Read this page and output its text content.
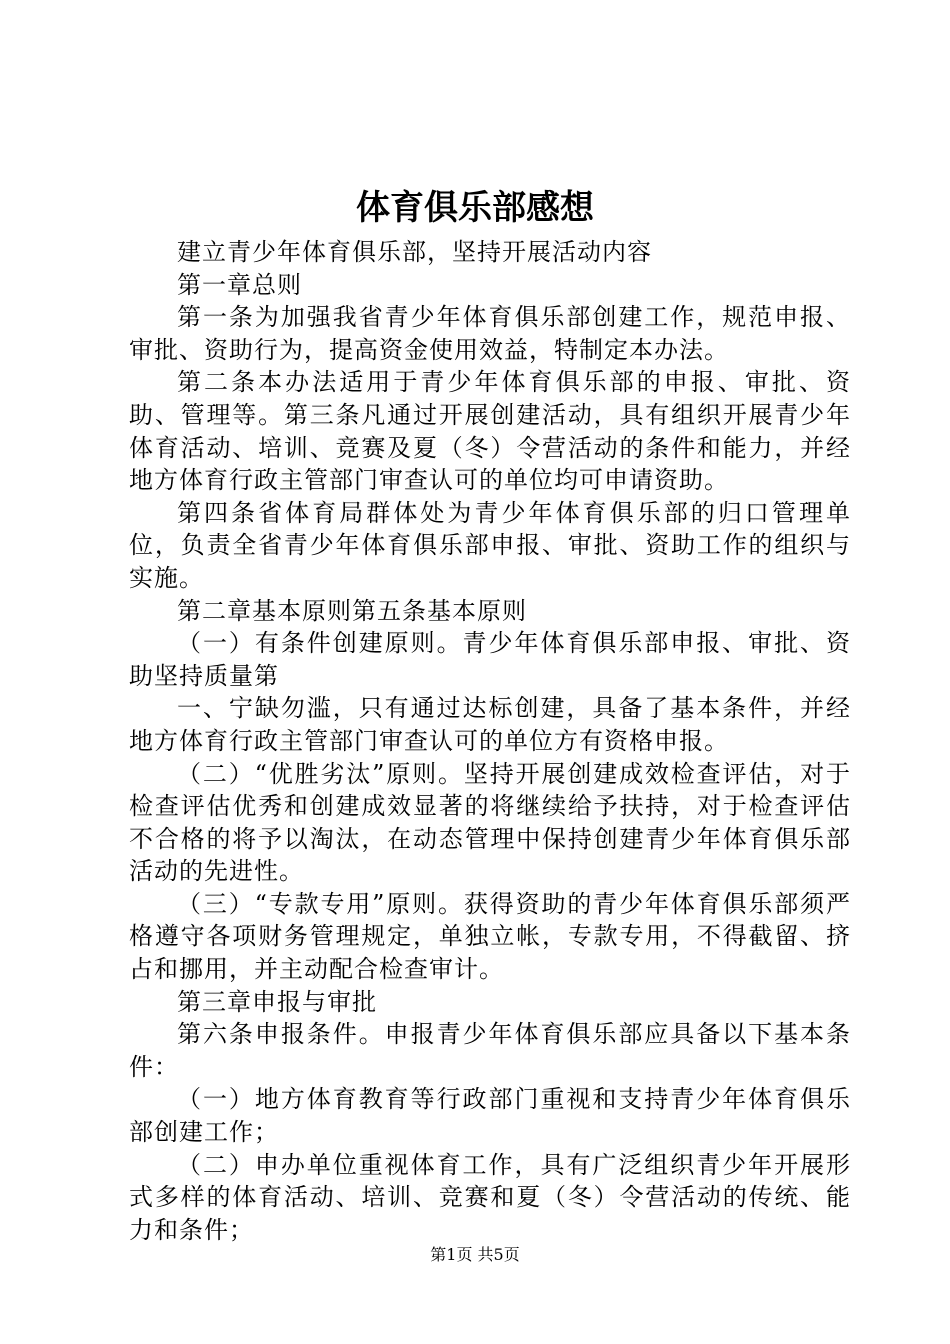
体育俱乐部感想

建立青少年体育俱乐部，坚持开展活动内容

第一章总则

第一条为加强我省青少年体育俱乐部创建工作，规范申报、审批、资助行为，提高资金使用效益，特制定本办法。

第二条本办法适用于青少年体育俱乐部的申报、审批、资助、管理等。第三条凡通过开展创建活动，具有组织开展青少年体育活动、培训、竞赛及夏（冬）令营活动的条件和能力，并经地方体育行政主管部门审查认可的单位均可申请资助。

第四条省体育局群体处为青少年体育俱乐部的归口管理单位，负责全省青少年体育俱乐部申报、审批、资助工作的组织与实施。

第二章基本原则第五条基本原则

（一）有条件创建原则。青少年体育俱乐部申报、审批、资助坚持质量第

一、宁缺勿滥，只有通过达标创建，具备了基本条件，并经地方体育行政主管部门审查认可的单位方有资格申报。

（二）“优胜劣汰”原则。坚持开展创建成效检查评估，对于检查评估优秀和创建成效显著的将继续给予扶持，对于检查评估不合格的将予以淘汰，在动态管理中保持创建青少年体育俱乐部活动的先进性。

（三）“专款专用”原则。获得资助的青少年体育俱乐部须严格遵守各项财务管理规定，单独立帐，专款专用，不得截留、挤占和挪用，并主动配合检查审计。

第三章申报与审批

第六条申报条件。申报青少年体育俱乐部应具备以下基本条件：

（一）地方体育教育等行政部门重视和支持青少年体育俱乐部创建工作；

（二）申办单位重视体育工作，具有广泛组织青少年开展形式多样的体育活动、培训、竞赛和夏（冬）令营活动的传统、能力和条件；

第1页 共5页
